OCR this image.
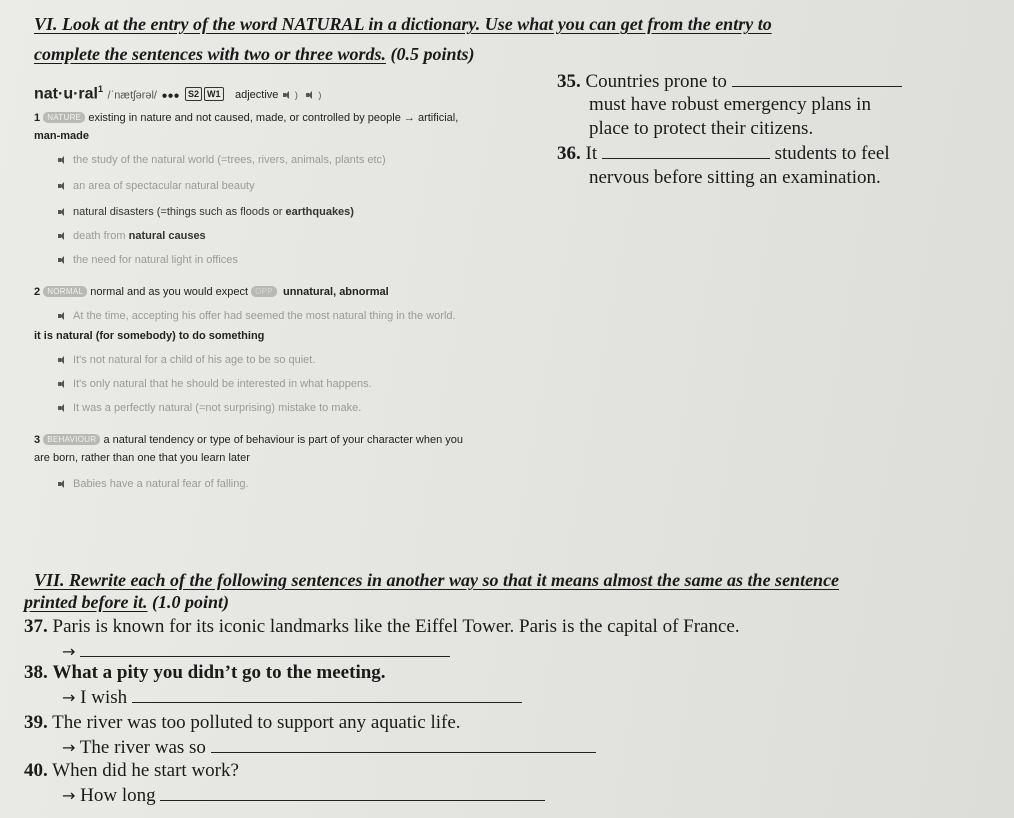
VI. Look at the entry of the word NATURAL in a dictionary. Use what you can get from the entry to
complete the sentences with two or three words. (0.5 points)
nat·u·ral$^1$ /ˈnætʃərəl/ ●●● S2 W1 adjective ) )
1 NATURE existing in nature and not caused, made, or controlled by people → artificial,
man-made
the study of the natural world (=trees, rivers, animals, plants etc)
an area of spectacular natural beauty
natural disasters (=things such as floods or earthquakes)
death from natural causes
the need for natural light in offices
2 NORMAL normal and as you would expect OPP unnatural, abnormal
At the time, accepting his offer had seemed the most natural thing in the world.
it is natural (for somebody) to do something
It's not natural for a child of his age to be so quiet.
It's only natural that he should be interested in what happens.
It was a perfectly natural (=not surprising) mistake to make.
3 BEHAVIOUR a natural tendency or type of behaviour is part of your character when you
are born, rather than one that you learn later
Babies have a natural fear of falling.
35. Countries prone to
must have robust emergency plans in
place to protect their citizens.
36. It	students to feel
nervous before sitting an examination.
VII. Rewrite each of the following sentences in another way so that it means almost the same as the sentence
printed before it. (1.0 point)
37. Paris is known for its iconic landmarks like the Eiffel Tower. Paris is the capital of France.
→
38. What a pity you didn’t go to the meeting.
→ I wish
39. The river was too polluted to support any aquatic life.
→ The river was so
40. When did he start work?
→ How long
